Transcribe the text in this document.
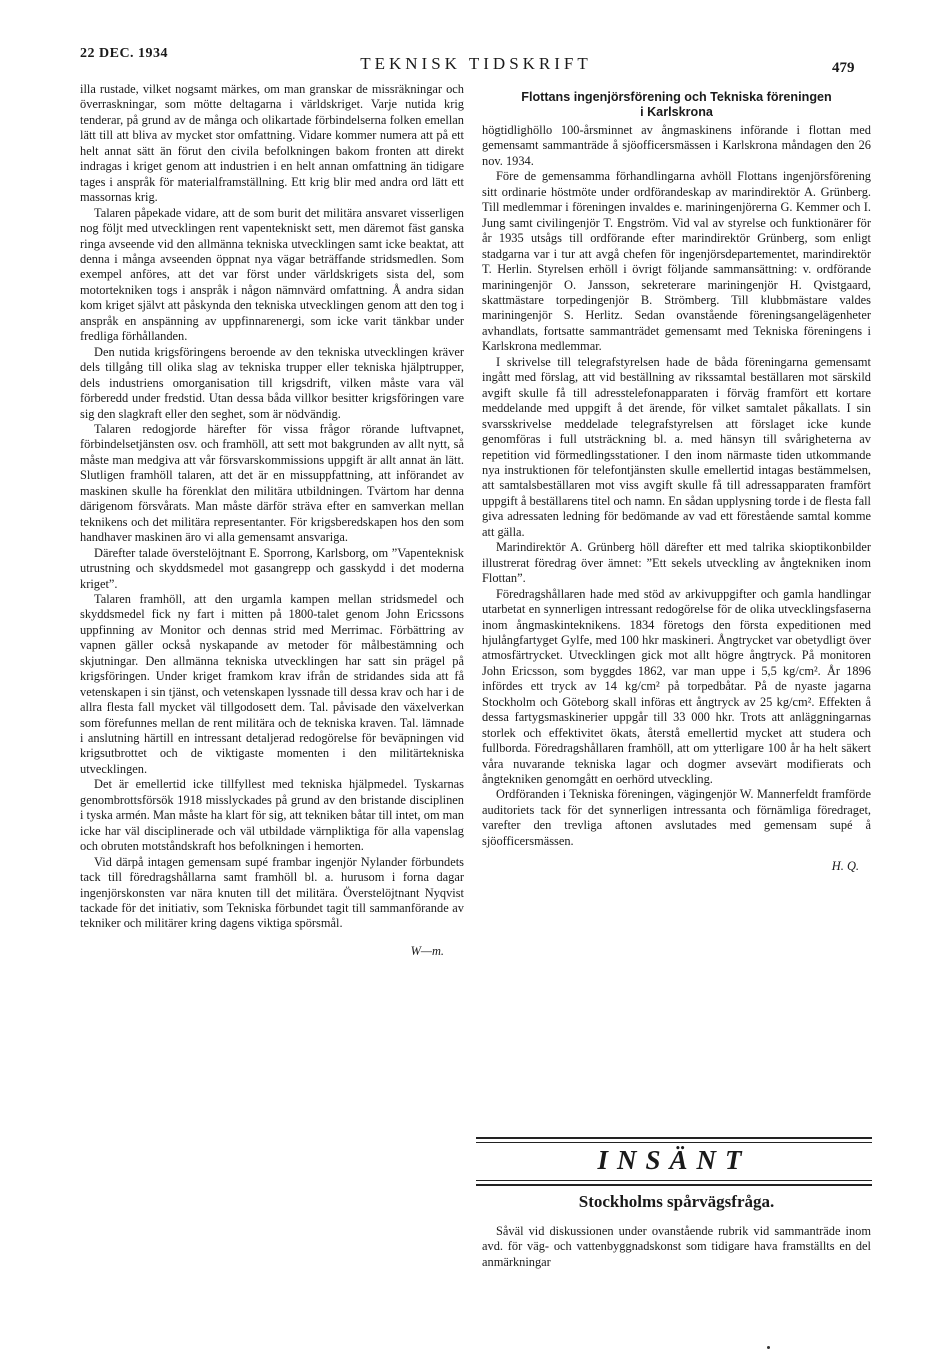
22 DEC. 1934
TEKNISK TIDSKRIFT	479

illa rustade, vilket nogsamt märkes, om man granskar de missräkningar och överraskningar, som mötte deltagarna i världskriget. Varje nutida krig tenderar, på grund av de många och olikartade förbindelserna folken emellan lätt till att bliva av mycket stor omfattning. Vidare kommer numera att på ett helt annat sätt än förut den civila befolkningen bakom fronten att direkt indragas i kriget genom att industrien i en helt annan omfattning än tidigare tages i anspråk för materialframställning. Ett krig blir med andra ord lätt ett massornas krig.

Talaren påpekade vidare, att de som burit det militära ansvaret visserligen nog följt med utvecklingen rent vapentekniskt sett, men däremot fäst ganska ringa avseende vid den allmänna tekniska utvecklingen samt icke beaktat, att denna i många avseenden öppnat nya vägar beträffande stridsmedlen. Som exempel anföres, att det var först under världskrigets sista del, som motortekniken togs i anspråk i någon nämnvärd omfattning. Å andra sidan kom kriget självt att påskynda den tekniska utvecklingen genom att den tog i anspråk en anspänning av uppfinnarenergi, som icke varit tänkbar under fredliga förhållanden.

Den nutida krigsföringens beroende av den tekniska utvecklingen kräver dels tillgång till olika slag av tekniska trupper eller tekniska hjälptrupper, dels industriens omorganisation till krigsdrift, vilken måste vara väl förberedd under fredstid. Utan dessa båda villkor besitter krigsföringen vare sig den slagkraft eller den seghet, som är nödvändig.

Talaren redogjorde härefter för vissa frågor rörande luftvapnet, förbindelsetjänsten osv. och framhöll, att sett mot bakgrunden av allt nytt, så måste man medgiva att vår försvarskommissions uppgift är allt annat än lätt. Slutligen framhöll talaren, att det är en missuppfattning, att införandet av maskinen skulle ha förenklat den militära utbildningen. Tvärtom har denna därigenom försvårats. Man måste därför sträva efter en samverkan mellan teknikens och det militära representanter. För krigsberedskapen hos den som handhaver maskinen äro vi alla gemensamt ansvariga.

Därefter talade överstelöjtnant E. Sporrong, Karlsborg, om ”Vapenteknisk utrustning och skyddsmedel mot gasangrepp och gasskydd i det moderna kriget”.

Talaren framhöll, att den urgamla kampen mellan stridsmedel och skyddsmedel fick ny fart i mitten på 1800-talet genom John Ericssons uppfinning av Monitor och dennas strid med Merrimac. Förbättring av vapnen gäller också nyskapande av metoder för målbestämning och skjutningar. Den allmänna tekniska utvecklingen har satt sin prägel på krigsföringen. Under kriget framkom krav ifrån de stridandes sida att få vetenskapen i sin tjänst, och vetenskapen lyssnade till dessa krav och har i de allra flesta fall mycket väl tillgodosett dem. Tal. påvisade den växelverkan som förefunnes mellan de rent militära och de tekniska kraven. Tal. lämnade i anslutning härtill en intressant detaljerad redogörelse för beväpningen vid krigsutbrottet och de viktigaste momenten i den militärtekniska utvecklingen.

Det är emellertid icke tillfyllest med tekniska hjälpmedel. Tyskarnas genombrottsförsök 1918 misslyckades på grund av den bristande disciplinen i tyska armén. Man måste ha klart för sig, att tekniken båtar till intet, om man icke har väl disciplinerade och väl utbildade värnpliktiga för alla vapenslag och obruten motståndskraft hos befolkningen i hemorten.

Vid därpå intagen gemensam supé frambar ingenjör Nylander förbundets tack till föredragshållarna samt framhöll bl. a. hurusom i forna dagar ingenjörskonsten var nära knuten till det militära. Överstelöjtnant Nyqvist tackade för det initiativ, som Tekniska förbundet tagit till sammanförande av tekniker och militärer kring dagens viktiga spörsmål.

W—m.
Flottans ingenjörsförening och Tekniska föreningen
i Karlskrona

högtidlighöllo 100-årsminnet av ångmaskinens införande i flottan med gemensamt sammanträde å sjöofficersmässen i Karlskrona måndagen den 26 nov. 1934.

Före de gemensamma förhandlingarna avhöll Flottans ingenjörsförening sitt ordinarie höstmöte under ordförandeskap av marindirektör A. Grünberg. Till medlemmar i föreningen invaldes e. mariningenjörerna G. Kemmer och I. Jung samt civilingenjör T. Engström. Vid val av styrelse och funktionärer för år 1935 utsågs till ordförande efter marindirektör Grünberg, som enligt stadgarna var i tur att avgå chefen för ingenjörsdepartementet, marindirektör T. Herlin. Styrelsen erhöll i övrigt följande sammansättning: v. ordförande mariningenjör O. Jansson, sekreterare mariningenjör H. Qvistgaard, skattmästare torpedingenjör B. Strömberg. Till klubbmästare valdes mariningenjör S. Herlitz. Sedan ovanstående föreningsangelägenheter avhandlats, fortsatte sammanträdet gemensamt med Tekniska föreningens i Karlskrona medlemmar.

I skrivelse till telegrafstyrelsen hade de båda föreningarna gemensamt ingått med förslag, att vid beställning av rikssamtal beställaren mot särskild avgift skulle få till adresstelefonapparaten i förväg framfört ett kortare meddelande med uppgift å det ärende, för vilket samtalet påkallats. I sin svarsskrivelse meddelade telegrafstyrelsen att förslaget icke kunde genomföras i full utsträckning bl. a. med hänsyn till svårigheterna av repetition vid förmedlingsstationer. I den inom närmaste tiden utkommande nya instruktionen för telefontjänsten skulle emellertid intagas bestämmelsen, att samtalsbeställaren mot viss avgift skulle få till adressapparaten framfört uppgift å beställarens titel och namn. En sådan upplysning torde i de flesta fall giva adressaten ledning för bedömande av vad ett förestående samtal komme att gälla.

Marindirektör A. Grünberg höll därefter ett med talrika skioptikonbilder illustrerat föredrag över ämnet: ”Ett sekels utveckling av ångtekniken inom Flottan”.

Föredragshållaren hade med stöd av arkivuppgifter och gamla handlingar utarbetat en synnerligen intressant redogörelse för de olika utvecklingsfaserna inom ångmaskinteknikens. 1834 företogs den första expeditionen med hjulångfartyget Gylfe, med 100 hkr maskineri. Ångtrycket var obetydligt över atmosfärtrycket. Utvecklingen gick mot allt högre ångtryck. På monitoren John Ericsson, som byggdes 1862, var man uppe i 5,5 kg/cm². År 1896 infördes ett tryck av 14 kg/cm² på torpedbåtar. På de nyaste jagarna Stockholm och Göteborg skall införas ett ångtryck av 25 kg/cm². Effekten å dessa fartygsmaskinerier uppgår till 33 000 hkr. Trots att anläggningarnas storlek och effektivitet ökats, återstå emellertid mycket att studera och fullborda. Föredragshållaren framhöll, att om ytterligare 100 år ha helt säkert våra nuvarande tekniska lagar och dogmer avsevärt modifierats och ångtekniken genomgått en oerhörd utveckling.

Ordföranden i Tekniska föreningen, vägingenjör W. Mannerfeldt framförde auditoriets tack för det synnerligen intressanta och förnämliga föredraget, varefter den trevliga aftonen avslutades med gemensam supé å sjöofficersmässen.

H. Q.
INSÄNT
Stockholms spårvägsfråga.

Såväl vid diskussionen under ovanstående rubrik vid sammanträde inom avd. för väg- och vattenbyggnadskonst som tidigare hava framställts en del anmärkningar
